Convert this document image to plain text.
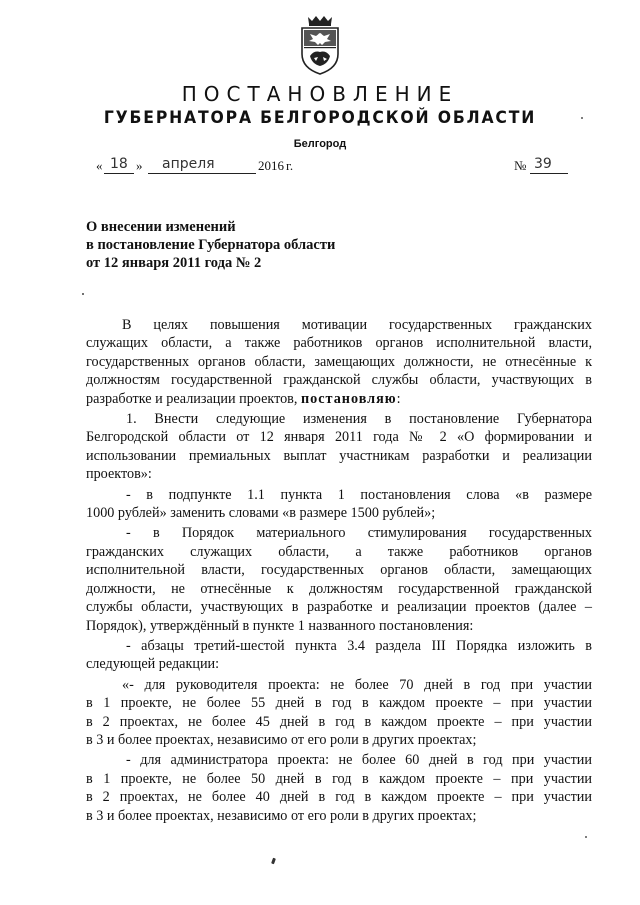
ПОСТАНОВЛЕНИЕ
ГУБЕРНАТОРА БЕЛГОРОДСКОЙ ОБЛАСТИ
Белгород
« 18 » апреля	2016 г.	№ 39
О внесении изменений
в постановление Губернатора области
от 12 января 2011 года № 2

В целях повышения мотивации государственных гражданских

служащих области, а также работников органов исполнительной власти,

государственных органов области, замещающих должности, не отнесённые к

должностям государственной гражданской службы области, участвующих в

разработке и реализации проектов, постановляю:

1. Внести следующие изменения в постановление Губернатора

Белгородской области от 12 января 2011 года № 2 «О формировании и

использовании премиальных выплат участникам разработки и реализации

проектов»:

- в подпункте 1.1 пункта 1 постановления слова «в размере

1000 рублей» заменить словами «в размере 1500 рублей»;

- в Порядок материального стимулирования государственных

гражданских служащих области, а также работников органов

исполнительной власти, государственных органов области, замещающих

должности, не отнесённые к должностям государственной гражданской

службы области, участвующих в разработке и реализации проектов (далее –

Порядок), утверждённый в пункте 1 названного постановления:

- абзацы третий-шестой пункта 3.4 раздела III Порядка изложить в

следующей редакции:

«- для руководителя проекта: не более 70 дней в год при участии

в 1 проекте, не более 55 дней в год в каждом проекте – при участии

в 2 проектах, не более 45 дней в год в каждом проекте – при участии

в 3 и более проектах, независимо от его роли в других проектах;

- для администратора проекта: не более 60 дней в год при участии

в 1 проекте, не более 50 дней в год в каждом проекте – при участии

в 2 проектах, не более 40 дней в год в каждом проекте – при участии

в 3 и более проектах, независимо от его роли в других проектах;
